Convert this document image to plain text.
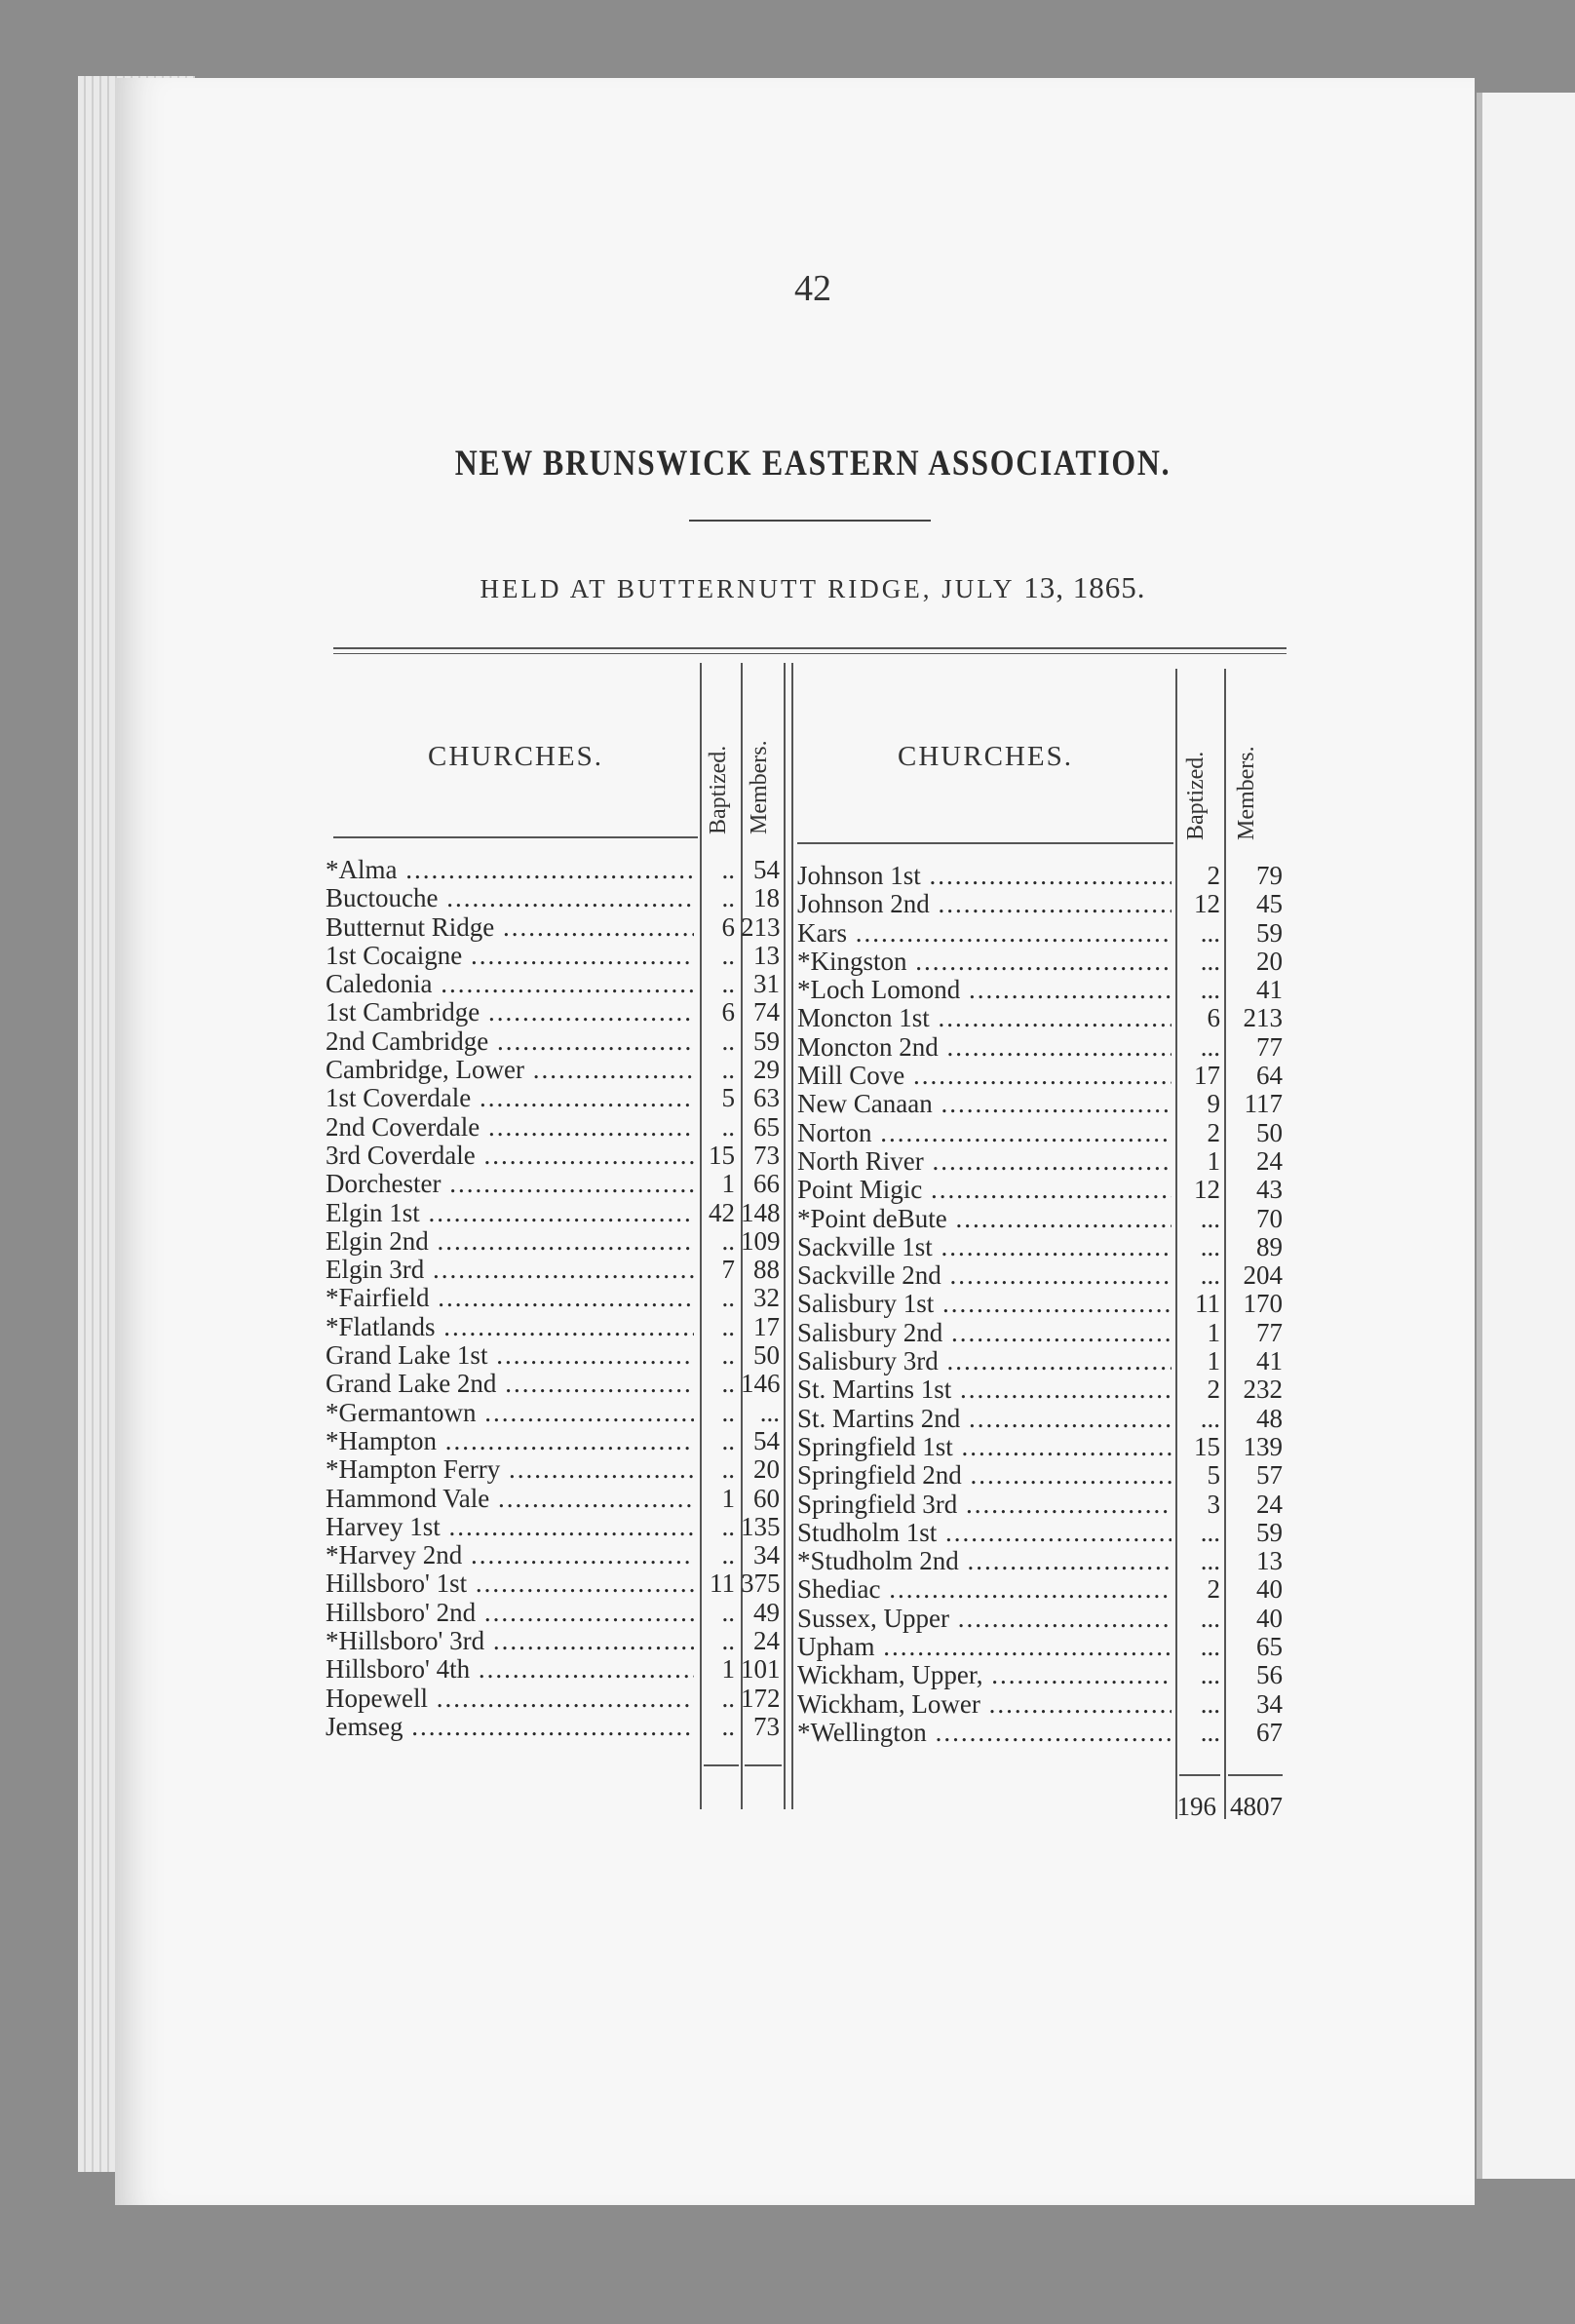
42
NEW BRUNSWICK EASTERN ASSOCIATION.
HELD AT BUTTERNUTT RIDGE, JULY 13, 1865.
CHURCHES.	Baptized. Members.	CHURCHES.	Baptized. Members.
*Alma .....	.. 54
Buctouche .....	.. 18
Butternut Ridge .....	6 213
1st Cocaigne .....	.. 13
Caledonia .....	.. 31
1st Cambridge .....	6 74
2nd Cambridge .....	.. 59
Cambridge, Lower .....	.. 29
1st Coverdale .....	5 63
2nd Coverdale .....	.. 65
3rd Coverdale .....	15 73
Dorchester .....	1 66
Elgin 1st .....	42 148
Elgin 2nd .....	.. 109
Elgin 3rd .....	7 88
*Fairfield .....	.. 32
*Flatlands .....	.. 17
Grand Lake 1st .....	.. 50
Grand Lake 2nd .....	.. 146
*Germantown .....	.. ...
*Hampton .....	.. 54
*Hampton Ferry .....	.. 20
Hammond Vale .....	1 60
Harvey 1st .....	.. 135
*Harvey 2nd .....	.. 34
Hillsboro' 1st .....	11 375
Hillsboro' 2nd .....	.. 49
*Hillsboro' 3rd .....	.. 24
Hillsboro' 4th .....	1 101
Hopewell .....	.. 172
Jemseg .....	.. 73
Johnson 1st .....	2	79
Johnson 2nd .....	12	45
Kars .....	...	59
*Kingston .....	...	20
*Loch Lomond .....	...	41
Moncton 1st .....	6 213
Moncton 2nd .....	...	77
Mill Cove .....	17	64
New Canaan .....	9 117
Norton .....	2	50
North River .....	1	24
Point Migic .....	12	43
*Point deBute .....	...	70
Sackville 1st .....	...	89
Sackville 2nd .....	... 204
Salisbury 1st .....	11 170
Salisbury 2nd .....	1	77
Salisbury 3rd .....	1	41
St. Martins 1st .....	2 232
St. Martins 2nd .....	...	48
Springfield 1st .....	15 139
Springfield 2nd .....	5	57
Springfield 3rd .....	3	24
Studholm 1st .....	...	59
*Studholm 2nd .....	...	13
Shediac .....	2	40
Sussex, Upper .....	...	40
Upham .....	...	65
Wickham, Upper, .....	...	56
Wickham, Lower .....	...	34
*Wellington .....	...	67
196 4807
